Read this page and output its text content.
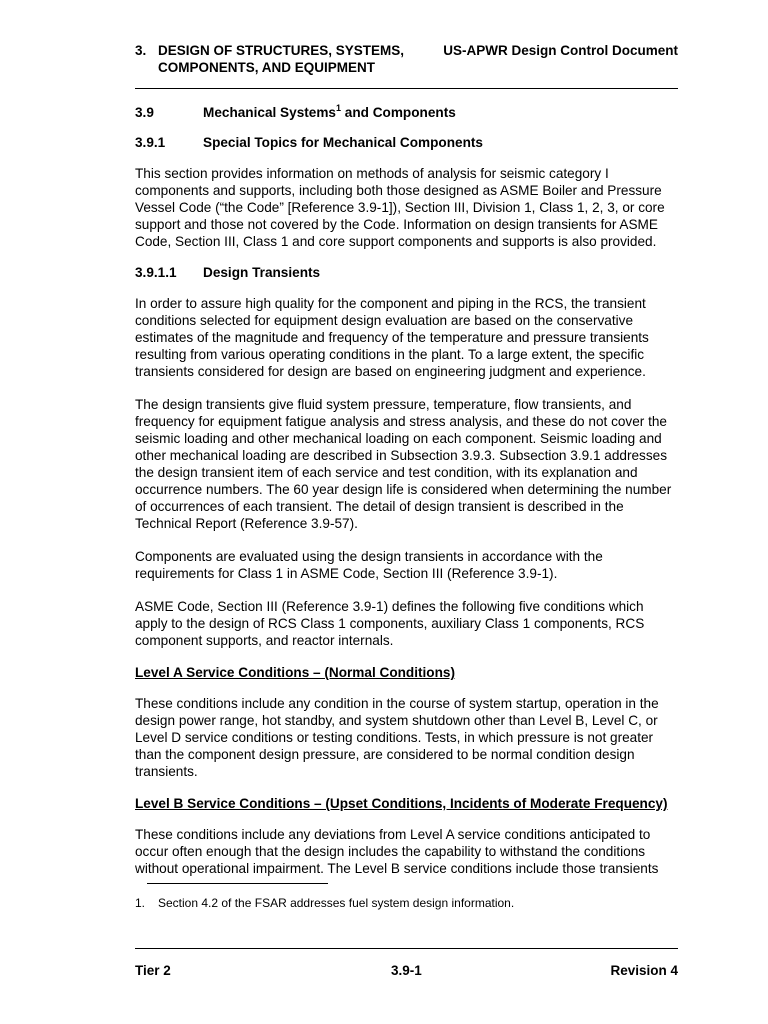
3. DESIGN OF STRUCTURES, SYSTEMS,
COMPONENTS, AND EQUIPMENT
US-APWR Design Control Document

3.9	Mechanical Systems$^1$ and Components

3.9.1	Special Topics for Mechanical Components

This section provides information on methods of analysis for seismic category I components and supports, including both those designed as ASME Boiler and Pressure Vessel Code (“the Code” [Reference 3.9-1]), Section III, Division 1, Class 1, 2, 3, or core support and those not covered by the Code. Information on design transients for ASME Code, Section III, Class 1 and core support components and supports is also provided.

3.9.1.1 Design Transients

In order to assure high quality for the component and piping in the RCS, the transient conditions selected for equipment design evaluation are based on the conservative estimates of the magnitude and frequency of the temperature and pressure transients resulting from various operating conditions in the plant. To a large extent, the specific transients considered for design are based on engineering judgment and experience.

The design transients give fluid system pressure, temperature, flow transients, and frequency for equipment fatigue analysis and stress analysis, and these do not cover the seismic loading and other mechanical loading on each component. Seismic loading and other mechanical loading are described in Subsection 3.9.3. Subsection 3.9.1 addresses the design transient item of each service and test condition, with its explanation and occurrence numbers. The 60 year design life is considered when determining the number of occurrences of each transient. The detail of design transient is described in the Technical Report (Reference 3.9-57).

Components are evaluated using the design transients in accordance with the requirements for Class 1 in ASME Code, Section III (Reference 3.9-1).

ASME Code, Section III (Reference 3.9-1) defines the following five conditions which apply to the design of RCS Class 1 components, auxiliary Class 1 components, RCS component supports, and reactor internals.

Level A Service Conditions – (Normal Conditions)

These conditions include any condition in the course of system startup, operation in the design power range, hot standby, and system shutdown other than Level B, Level C, or Level D service conditions or testing conditions. Tests, in which pressure is not greater than the component design pressure, are considered to be normal condition design transients.

Level B Service Conditions – (Upset Conditions, Incidents of Moderate Frequency)

These conditions include any deviations from Level A service conditions anticipated to occur often enough that the design includes the capability to withstand the conditions without operational impairment. The Level B service conditions include those transients

1. Section 4.2 of the FSAR addresses fuel system design information.
Tier 2	3.9-1	Revision 4
